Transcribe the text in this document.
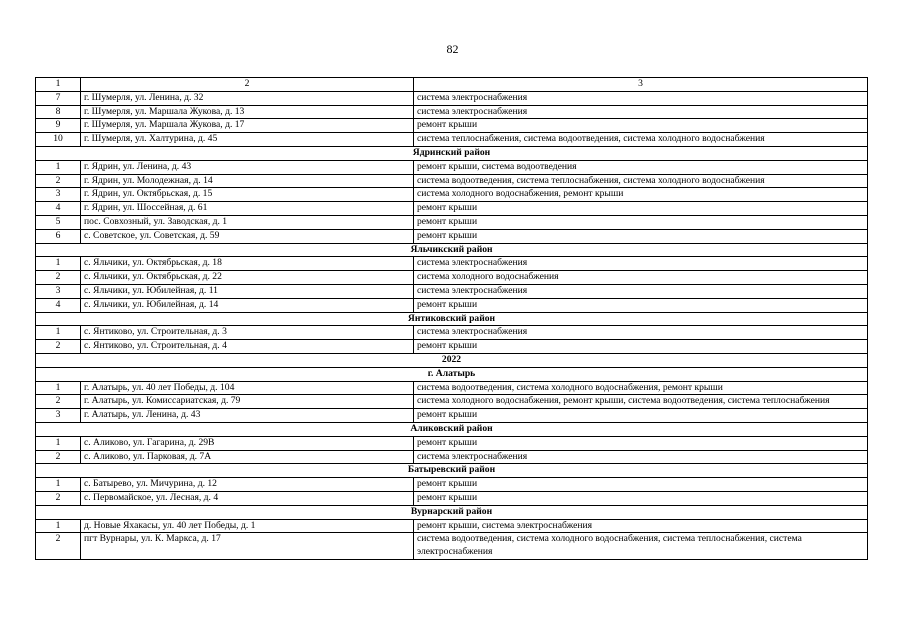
82
1	2	3
7	г. Шумерля, ул. Ленина, д. 32	система электроснабжения
8	г. Шумерля, ул. Маршала Жукова, д. 13	система электроснабжения
9	г. Шумерля, ул. Маршала Жукова, д. 17	ремонт крыши
10	г. Шумерля, ул. Халтурина, д. 45	система теплоснабжения, система водоотведения, система холодного водоснабжения
Ядринский район		
1	г. Ядрин, ул. Ленина, д. 43	ремонт крыши, система водоотведения
2	г. Ядрин, ул. Молодежная, д. 14	система водоотведения, система теплоснабжения, система холодного водоснабжения
3	г. Ядрин, ул. Октябрьская, д. 15	система холодного водоснабжения, ремонт крыши
4	г. Ядрин, ул. Шоссейная, д. 61	ремонт крыши
5	пос. Совхозный, ул. Заводская, д. 1	ремонт крыши
6	с. Советское, ул. Советская, д. 59	ремонт крыши
Яльчикский район		
1	с. Яльчики, ул. Октябрьская, д. 18	система электроснабжения
2	с. Яльчики, ул. Октябрьская, д. 22	система холодного водоснабжения
3	с. Яльчики, ул. Юбилейная, д. 11	система электроснабжения
4	с. Яльчики, ул. Юбилейная, д. 14	ремонт крыши
Янтиковский район		
1	с. Янтиково, ул. Строительная, д. 3	система электроснабжения
2	с. Янтиково, ул. Строительная, д. 4	ремонт крыши
2022		
г. Алатырь		
1	г. Алатырь, ул. 40 лет Победы, д. 104	система водоотведения, система холодного водоснабжения, ремонт крыши
2	г. Алатырь, ул. Комиссариатская, д. 79	система холодного водоснабжения, ремонт крыши, система водоотведения, система теплоснабжения
3	г. Алатырь, ул. Ленина, д. 43	ремонт крыши
Аликовский район		
1	с. Аликово, ул. Гагарина, д. 29В	ремонт крыши
2	с. Аликово, ул. Парковая, д. 7А	система электроснабжения
Батыревский район		
1	с. Батырево, ул. Мичурина, д. 12	ремонт крыши
2	с. Первомайское, ул. Лесная, д. 4	ремонт крыши
Вурнарский район		
1	д. Новые Яхакасы, ул. 40 лет Победы, д. 1	ремонт крыши, система электроснабжения
2	пгт Вурнары, ул. К. Маркса, д. 17	система водоотведения, система холодного водоснабжения, система теплоснабжения, система электроснабжения
